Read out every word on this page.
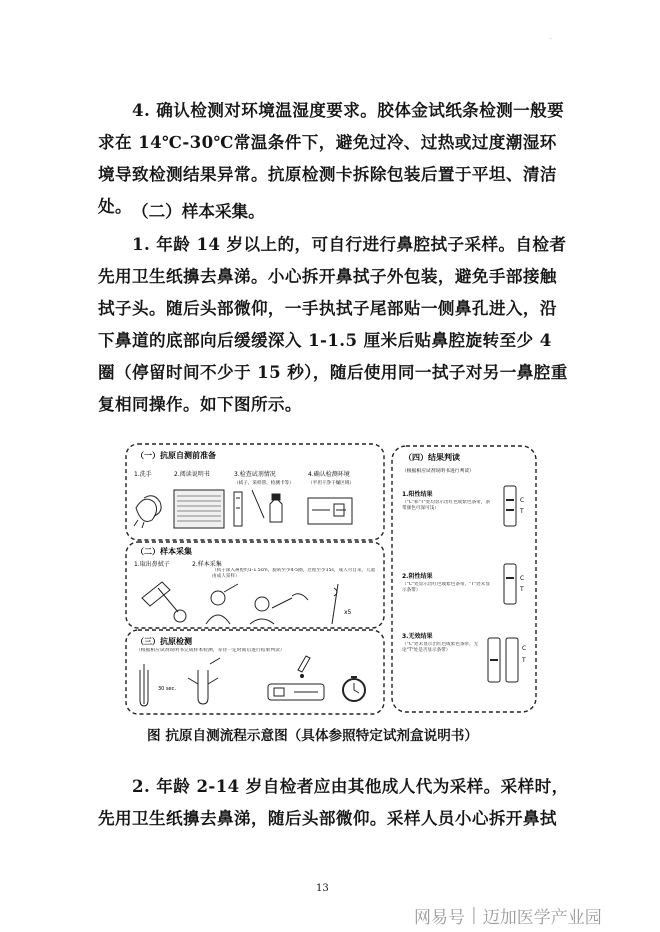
·

4. 确认检测对环境温湿度要求。胶体金试纸条检测一般要求在 14℃-30℃常温条件下，避免过冷、过热或过度潮湿环境导致检测结果异常。抗原检测卡拆除包装后置于平坦、清洁处。 （二）样本采集。

1. 年龄 14 岁以上的，可自行进行鼻腔拭子采样。自检者先用卫生纸擤去鼻涕。小心拆开鼻拭子外包装，避免手部接触拭子头。随后头部微仰，一手执拭子尾部贴一侧鼻孔进入，沿下鼻道的底部向后缓缓深入 1-1.5 厘米后贴鼻腔旋转至少 4 圈（停留时间不少于 15 秒），随后使用同一拭子对另一鼻腔重复相同操作。如下图所示。

（一）抗原自测前准备
1.洗手	2.阅读说明书	3.检查试剂情况	4.确认检测环境
（拭子、采样管、检测卡等）	（平坦干净干燥区域）
（二）样本采集
1.取出鼻拭子	2.样本采集
（拭子深入鼻腔约1-1.5cm，旋转至少4-5圈，过程至少15s，成人可自采，儿童由成人采样）
x5
（三）抗原检测
（根据相应试剂说明书完成样本检测，等待一定时间后进行结果判读）
30 sec.
（四）结果判读
（根据相应试剂说明书进行判读）
1.阳性结果
（"C"和"T"处均显示出红色或紫色条带，条带颜色可深可浅）
2.阴性结果
（"C"处显示出红色或紫色条带，"T"处未显示条带）
3.无效结果
（"C"处未显示出红色或紫色条带，无论"T"处是否显示条带）
C
T
C
T
C
T
图 抗原自测流程示意图（具体参照特定试剂盒说明书）

2. 年龄 2-14 岁自检者应由其他成人代为采样。采样时，先用卫生纸擤去鼻涕，随后头部微仰。采样人员小心拆开鼻拭

13
网易号 | 迈加医学产业园
